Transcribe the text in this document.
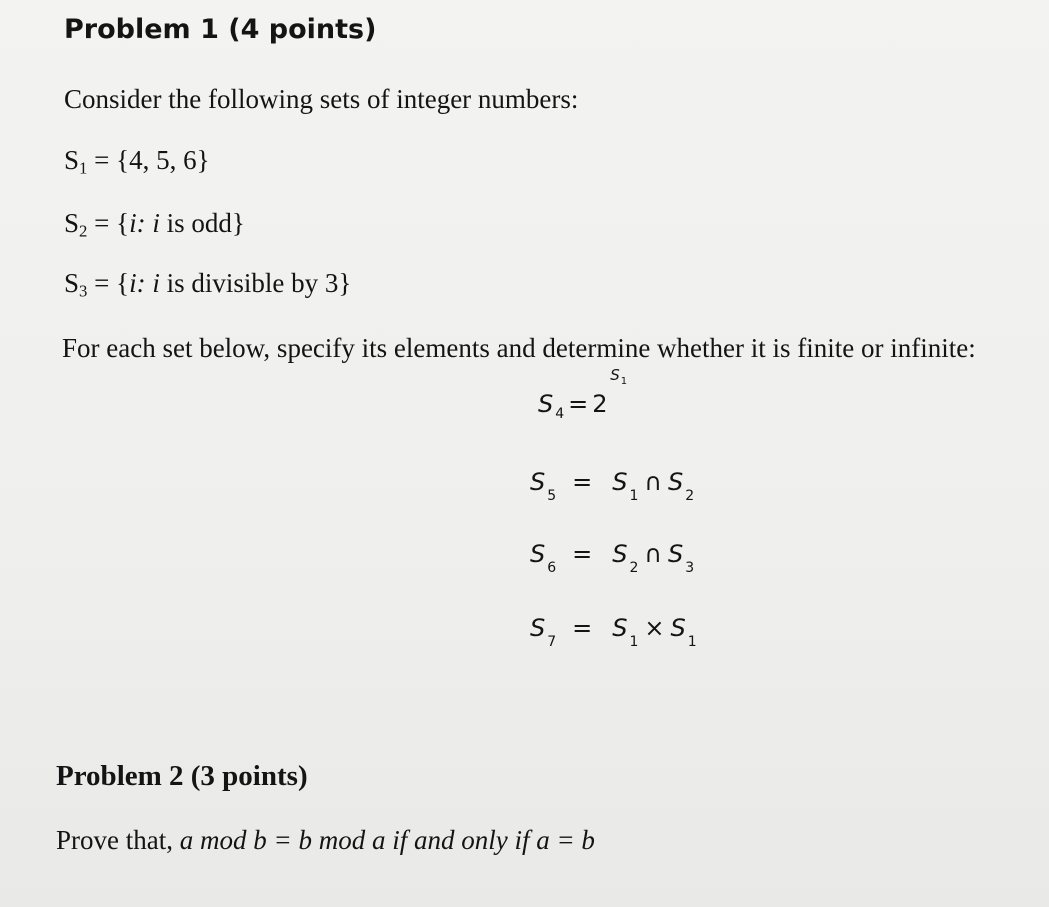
Problem 1 (4 points)
Consider the following sets of integer numbers:
$S_1 = \{4$, 5, 6}
$S_2 = \{i$: i is odd}
$S_3 = \{i$: i is divisible by 3}
For each set below, specify its elements and determine whether it is finite or infinite:
S 4 = 2
$S_1$
S 5 = S 1 ∩ S 2
S 6 = S 2 ∩ S 3
S 7 = S 1 × S 1
Problem 2 (3 points)
Prove that, a mod b = b mod a if and only if a = b
